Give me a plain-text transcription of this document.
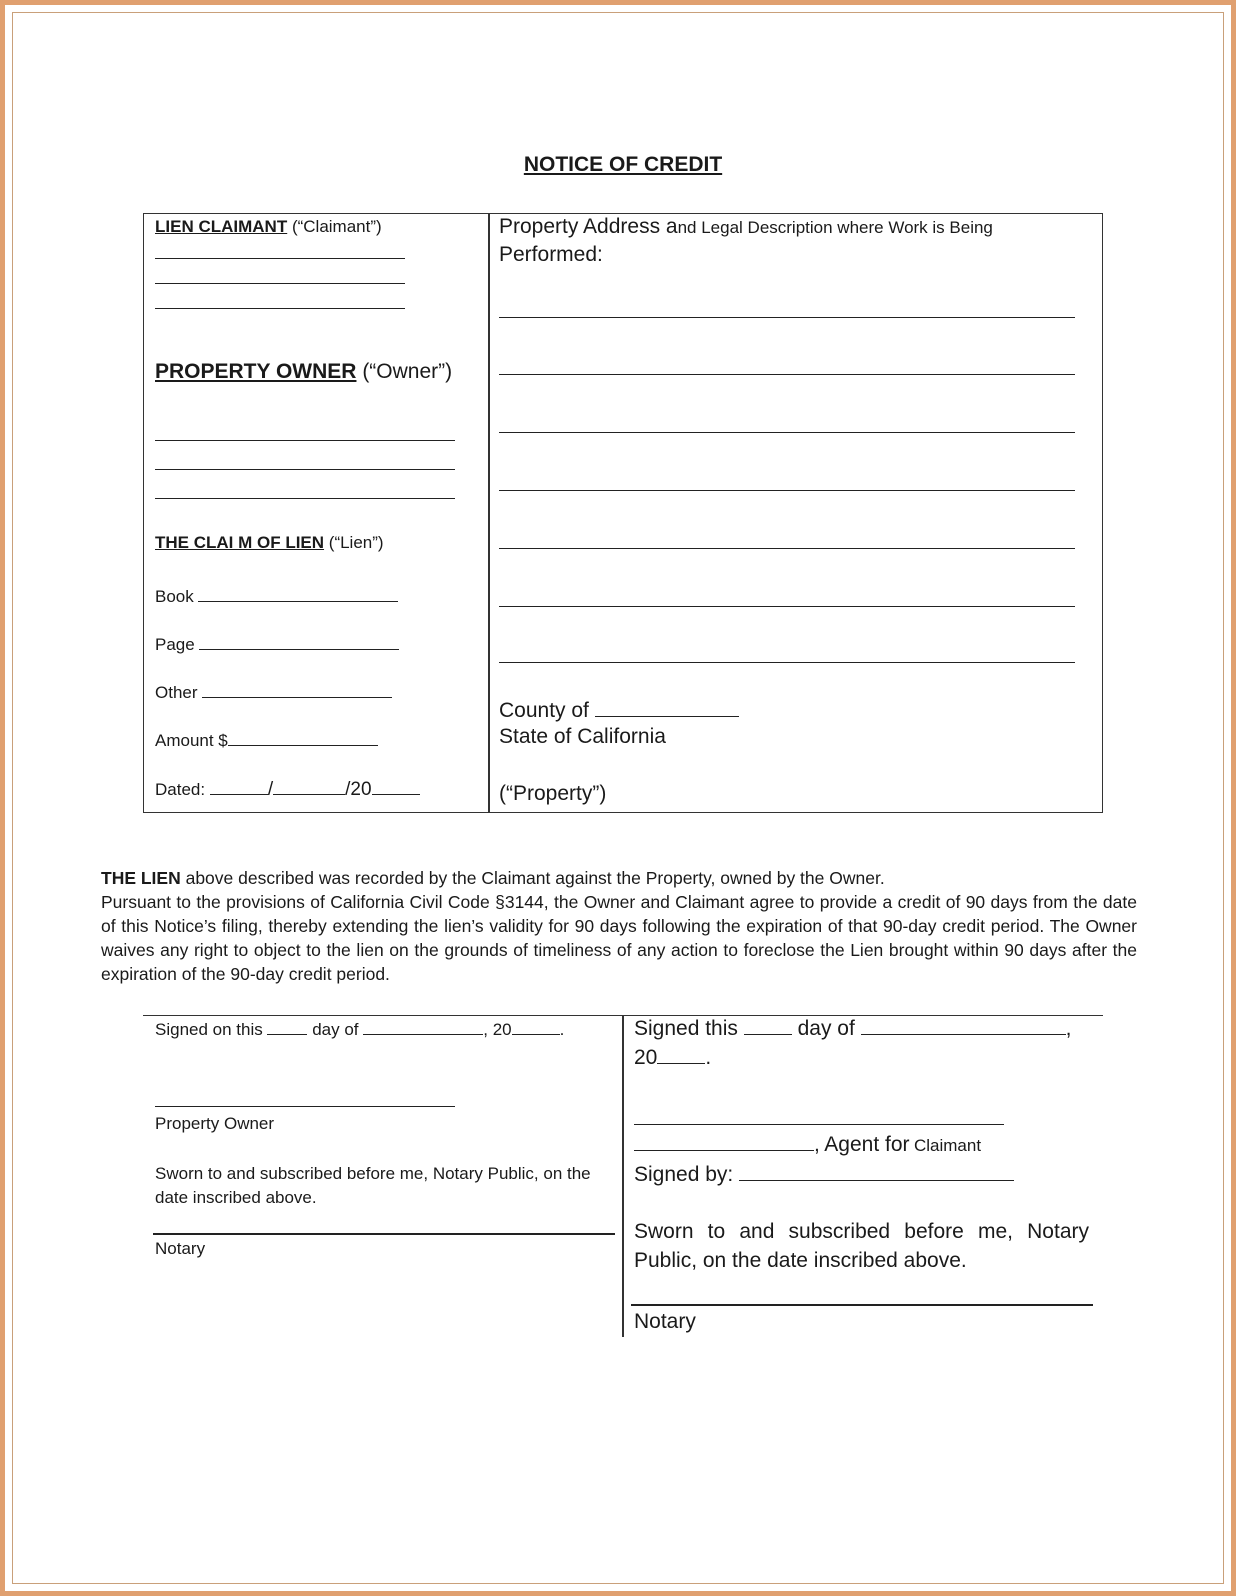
NOTICE OF CREDIT
LIEN CLAIMANT (“Claimant”)
PROPERTY OWNER (“Owner”)
THE CLAI M OF LIEN (“Lien”)
Book
Page
Other
Amount $
Dated:	/	/20
Property Address and Legal Description where Work is Being
Performed:
County of
State of California
(“Property”)

THE LIEN above described was recorded by the Claimant against the Property, owned by the Owner.

Pursuant to the provisions of California Civil Code §3144, the Owner and Claimant agree to provide a credit of 90 days from the date of this Notice’s filing, thereby extending the lien’s validity for 90 days following the expiration of that 90-day credit period. The Owner waives any right to object to the lien on the grounds of timeliness of any action to foreclose the Lien brought within 90 days after the expiration of the 90-day credit period.

Signed on this	day of	, 20	.
Property Owner
Sworn to and subscribed before me, Notary Public, on the date inscribed above.
Notary
Signed this	day of	,
20 .
, Agent for Claimant
Signed by:
Sworn to and subscribed before me, Notary Public, on the date inscribed above.
Notary
